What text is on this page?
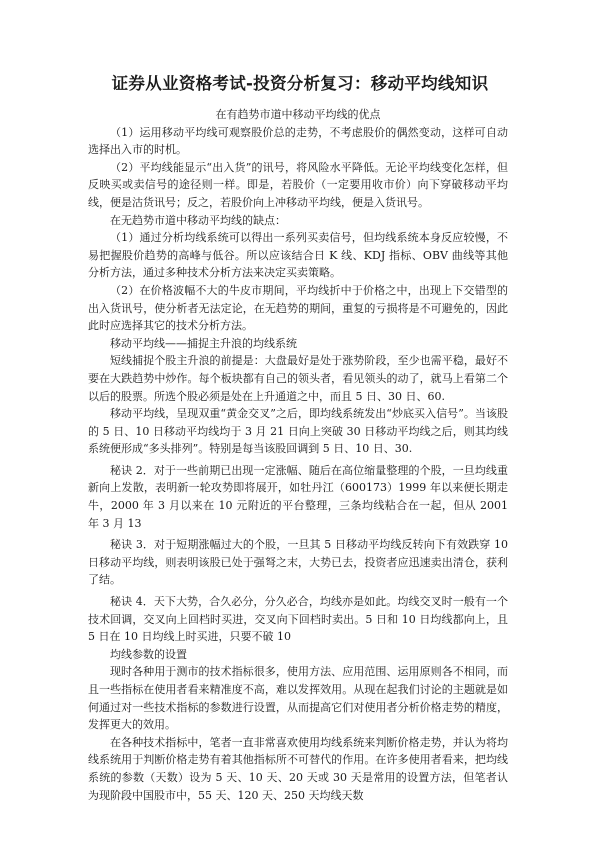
证券从业资格考试-投资分析复习：移动平均线知识

在有趋势市道中移动平均线的优点

（1）运用移动平均线可观察股价总的走势，不考虑股价的偶然变动，这样可自动选择出入市的时机。

（2）平均线能显示“出入货”的讯号，将风险水平降低。无论平均线变化怎样，但反映买或卖信号的途径则一样。即是，若股价（一定要用收市价）向下穿破移动平均线，便是沽货讯号；反之，若股价向上冲移动平均线，便是入货讯号。

在无趋势市道中移动平均线的缺点：

（1）通过分析均线系统可以得出一系列买卖信号，但均线系统本身反应较慢，不易把握股价趋势的高峰与低谷。所以应该结合日 K 线、KDJ 指标、OBV 曲线等其他分析方法，通过多种技术分析方法来决定买卖策略。

（2）在价格波幅不大的牛皮市期间，平均线折中于价格之中，出现上下交错型的出入货讯号，使分析者无法定论，在无趋势的期间，重复的亏损将是不可避免的，因此此时应选择其它的技术分析方法。

移动平均线——捕捉主升浪的均线系统

短线捕捉个股主升浪的前提是：大盘最好是处于涨势阶段，至少也需平稳，最好不要在大跌趋势中炒作。每个板块都有自己的领头者，看见领头的动了，就马上看第二个以后的股票。所选个股必须是处在上升通道之中，而且 5 日、30 日、60.

移动平均线，呈现双重“黄金交叉”之后，即均线系统发出“炒底买入信号”。当该股的 5 日、10 日移动平均线均于 3 月 21 日向上突破 30 日移动平均线之后，则其均线系统便形成“多头排列”。特别是每当该股回调到 5 日、10 日、30.

秘诀 2．对于一些前期已出现一定涨幅、随后在高位缩量整理的个股，一旦均线重新向上发散，表明新一轮攻势即将展开，如牡丹江（600173）1999 年以来便长期走牛，2000 年 3 月以来在 10 元附近的平台整理，三条均线粘合在一起，但从 2001 年 3 月 13

秘诀 3．对于短期涨幅过大的个股，一旦其 5 日移动平均线反转向下有效跌穿 10 日移动平均线，则表明该股已处于强弩之末，大势已去，投资者应迅速卖出清仓，获利了结。

秘诀 4．天下大势，合久必分，分久必合，均线亦是如此。均线交叉时一般有一个技术回调，交叉向上回档时买进，交叉向下回档时卖出。5 日和 10 日均线都向上，且 5 日在 10 日均线上时买进，只要不破 10

均线参数的设置

现时各种用于测市的技术指标很多，使用方法、应用范围、运用原则各不相同，而且一些指标在使用者看来精准度不高，难以发挥效用。从现在起我们讨论的主题就是如何通过对一些技术指标的参数进行设置，从而提高它们对使用者分析价格走势的精度，发挥更大的效用。

在各种技术指标中，笔者一直非常喜欢使用均线系统来判断价格走势，并认为将均线系统用于判断价格走势有着其他指标所不可替代的作用。在许多使用者看来，把均线系统的参数（天数）设为 5 天、10 天、20 天或 30 天是常用的设置方法，但笔者认为现阶段中国股市中，55 天、120 天、250 天均线天数
